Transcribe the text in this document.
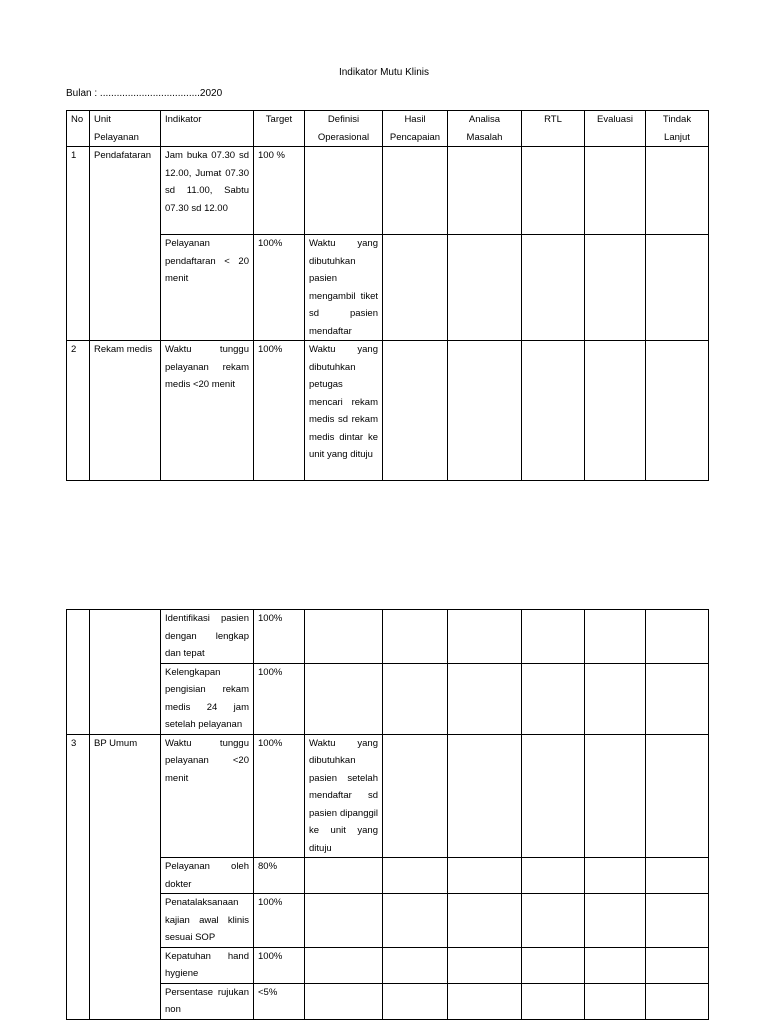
Indikator Mutu Klinis
Bulan : ....................................2020
No	Unit Pelayanan	Indikator	Target	Definisi Operasional	Hasil Pencapaian	Analisa Masalah	RTL	Evaluasi	Tindak Lanjut
1	Pendafataran	Jam buka 07.30 sd 12.00, Jumat 07.30 sd 11.00, Sabtu 07.30 sd 12.00	100 %						
		Pelayanan pendaftaran < 20 menit	100%	Waktu yang dibutuhkan pasien mengambil tiket sd pasien mendaftar					
2	Rekam medis	Waktu tunggu pelayanan rekam medis <20 menit	100%	Waktu yang dibutuhkan petugas mencari rekam medis sd rekam medis dintar ke unit yang dituju					
		Identifikasi pasien dengan lengkap dan tepat	100%						
		Kelengkapan pengisian rekam medis 24 jam setelah pelayanan	100%						
3	BP Umum	Waktu tunggu pelayanan <20 menit	100%	Waktu yang dibutuhkan pasien setelah mendaftar sd pasien dipanggil ke unit yang dituju					
		Pelayanan oleh dokter	80%						
		Penatalaksanaan kajian awal klinis sesuai SOP	100%						
		Kepatuhan hand hygiene	100%						
		Persentase rujukan non	<5%						
